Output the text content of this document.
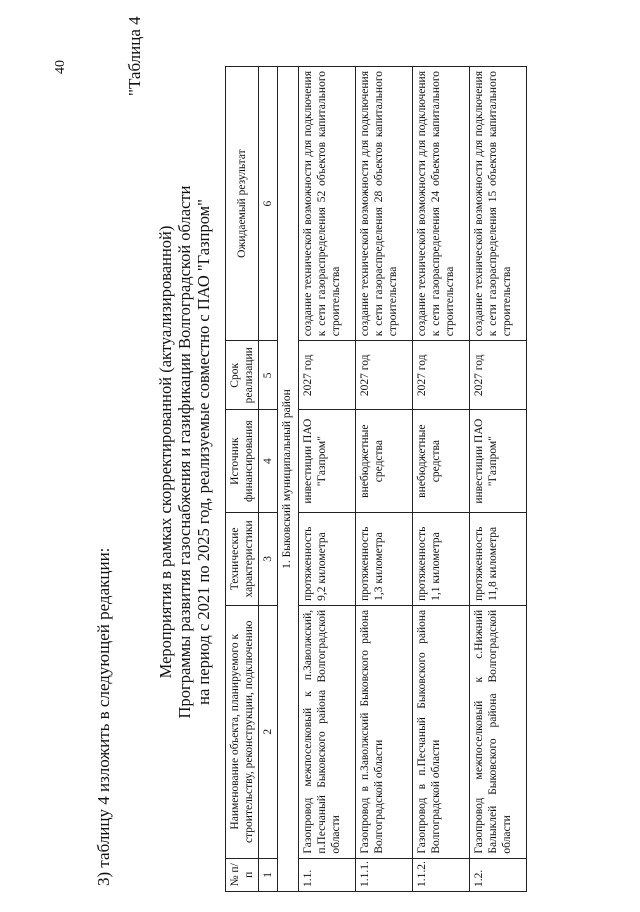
40
3) таблицу 4 изложить в следующей редакции:
"Таблица 4
Мероприятия в рамках скорректированной (актуализированной) Программы развития газоснабжения и газификации Волгоградской области на период с 2021 по 2025 год, реализуемые совместно с ПАО "Газпром"
№ п/п	Наименование объекта, планируемого к строительству, реконструкции, подключению	Технические характеристики	Источник финансирования	Срок реализации	Ожидаемый результат
1	2	3	4	5	6
1. Быковский муниципальный район					
1.1.	Газопровод межпоселковый к п.Заволжский, п.Песчаный Быковского района Волгоградской области	протяженность 9,2 километра	инвестиции ПАО "Газпром"	2027 год	создание технической возможности для подключения к сети газораспределения 52 объектов капитального строительства
1.1.1.	Газопровод в п.Заволжский Быковского района Волгоградской области	протяженность 1,3 километра	внебюджетные средства	2027 год	создание технической возможности для подключения к сети газораспределения 28 объектов капитального строительства
1.1.2.	Газопровод в п.Песчаный Быковского района Волгоградской области	протяженность 1,1 километра	внебюджетные средства	2027 год	создание технической возможности для подключения к сети газораспределения 24 объектов капитального строительства
1.2.	Газопровод межпоселковый к с.Нижний Балыклей Быковского района Волгоградской области	протяженность 11,8 километра	инвестиции ПАО "Газпром"	2027 год	создание технической возможности для подключения к сети газораспределения 15 объектов капитального строительства
